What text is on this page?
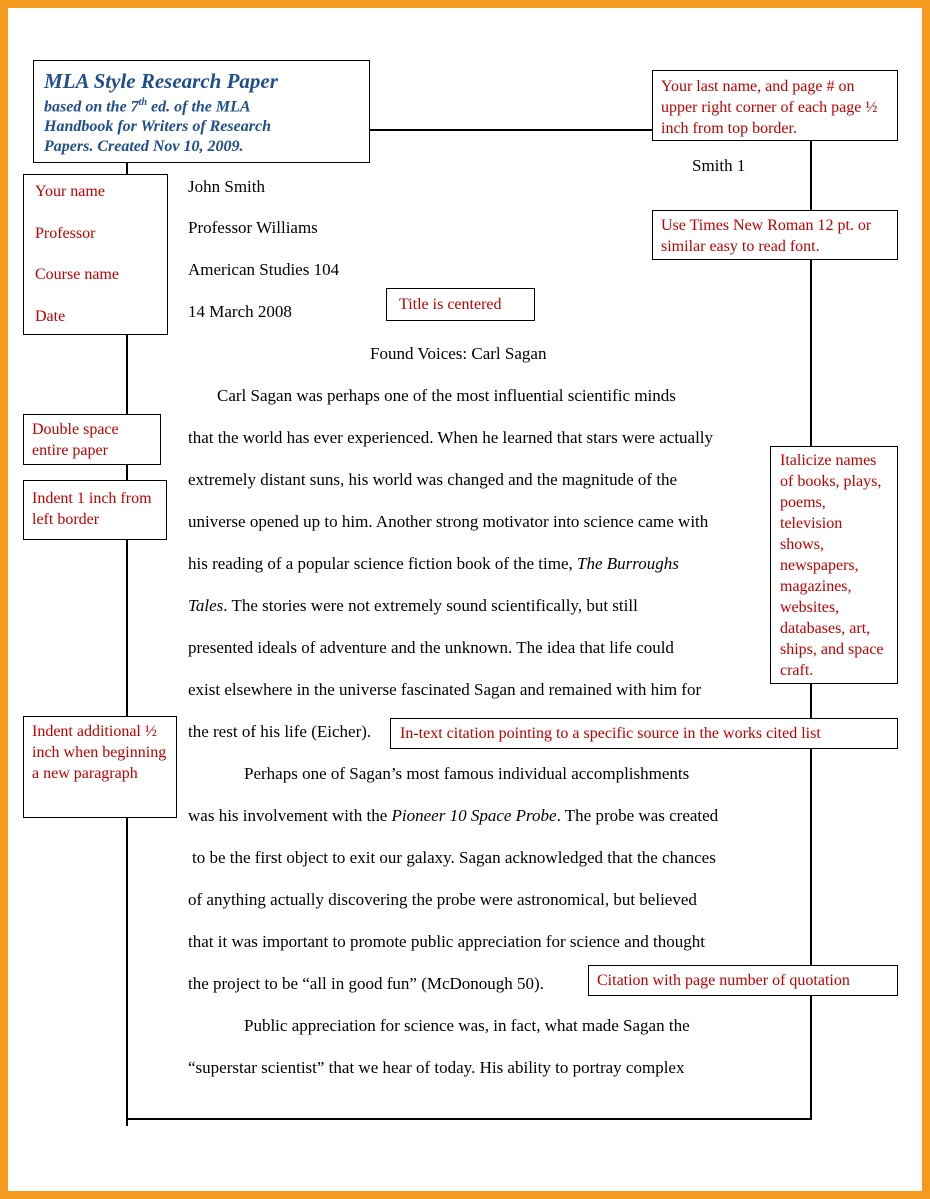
MLA Style Research Paper
based on the 7th ed. of the MLA
Handbook for Writers of Research
Papers. Created Nov 10, 2009.
Your name
Professor
Course name
Date
Double space entire paper
Indent 1 inch from left border
Indent additional ½ inch when beginning a new paragraph
Your last name, and page # on upper right corner of each page ½ inch from top border.
Use Times New Roman 12 pt. or similar easy to read font.
Title is centered
Italicize names of books, plays, poems, television shows, newspapers, magazines, websites, databases, art, ships, and space craft.
In-text citation pointing to a specific source in the works cited list
Citation with page number of quotation
Smith 1
John Smith
Professor Williams
American Studies 104
14 March 2008
Found Voices: Carl Sagan
Carl Sagan was perhaps one of the most influential scientific minds
that the world has ever experienced. When he learned that stars were actually
extremely distant suns, his world was changed and the magnitude of the
universe opened up to him. Another strong motivator into science came with
his reading of a popular science fiction book of the time, The Burroughs
Tales. The stories were not extremely sound scientifically, but still
presented ideals of adventure and the unknown. The idea that life could
exist elsewhere in the universe fascinated Sagan and remained with him for
the rest of his life (Eicher).
Perhaps one of Sagan’s most famous individual accomplishments
was his involvement with the Pioneer 10 Space Probe. The probe was created
to be the first object to exit our galaxy. Sagan acknowledged that the chances
of anything actually discovering the probe were astronomical, but believed
that it was important to promote public appreciation for science and thought
the project to be “all in good fun” (McDonough 50).
Public appreciation for science was, in fact, what made Sagan the
“superstar scientist” that we hear of today. His ability to portray complex
